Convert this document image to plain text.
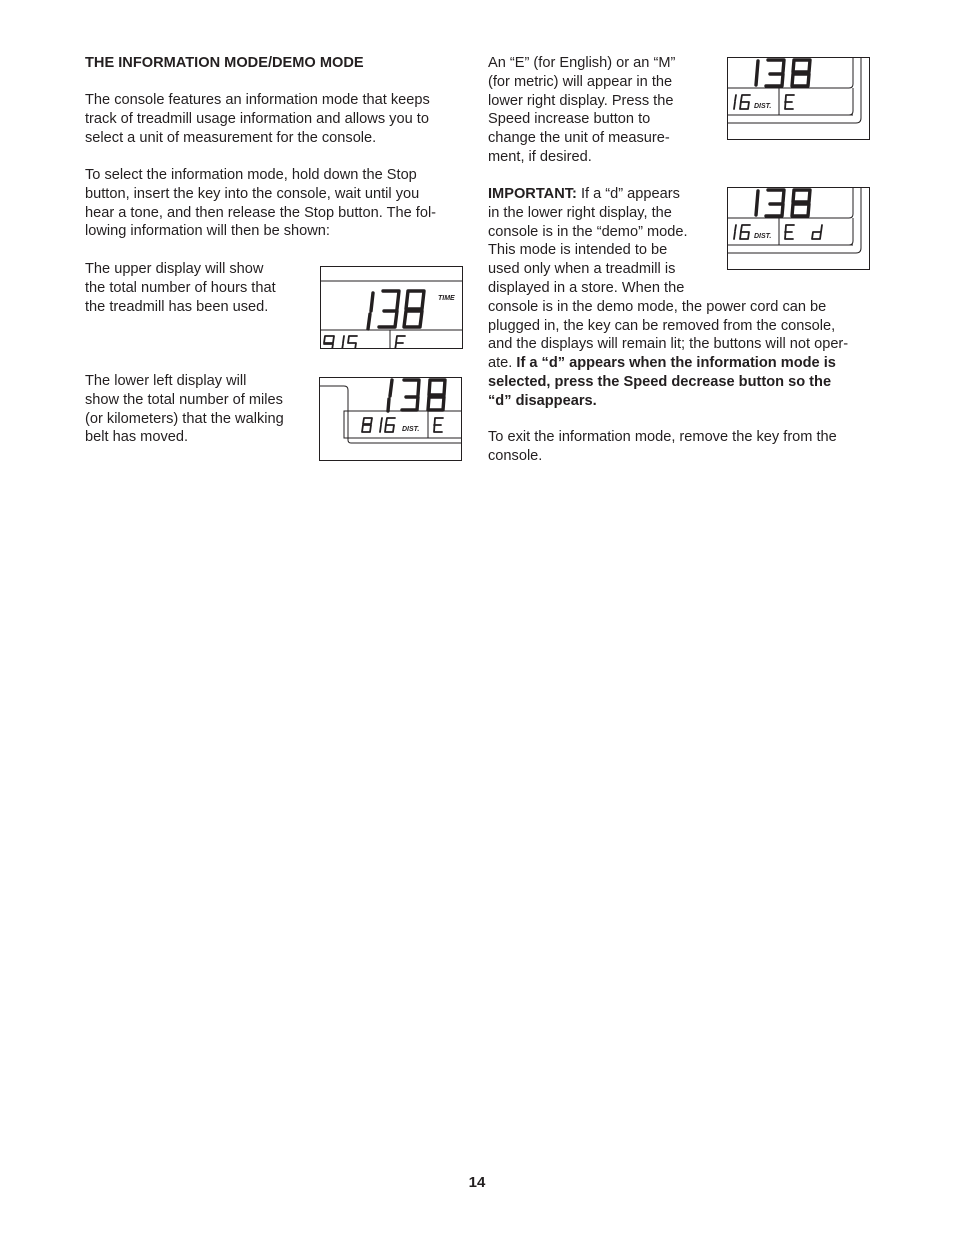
THE INFORMATION MODE/DEMO MODE
The console features an information mode that keeps
track of treadmill usage information and allows you to
select a unit of measurement for the console.
To select the information mode, hold down the Stop
button, insert the key into the console, wait until you
hear a tone, and then release the Stop button. The fol-
lowing information will then be shown:
The upper display will show
the total number of hours that
the treadmill has been used.
The lower left display will
show the total number of miles
(or kilometers) that the walking
belt has moved.
TIME
DIST.
An “E” (for English) or an “M”
(for metric) will appear in the
lower right display. Press the
Speed increase button to
change the unit of measure-
ment, if desired.
IMPORTANT: If a “d” appears
in the lower right display, the
console is in the “demo” mode.
This mode is intended to be
used only when a treadmill is
displayed in a store. When the
console is in the demo mode, the power cord can be
plugged in, the key can be removed from the console,
and the displays will remain lit; the buttons will not oper-
ate. If a “d” appears when the information mode is
selected, press the Speed decrease button so the
“d” disappears.
To exit the information mode, remove the key from the
console.
DIST.
DIST.
14
